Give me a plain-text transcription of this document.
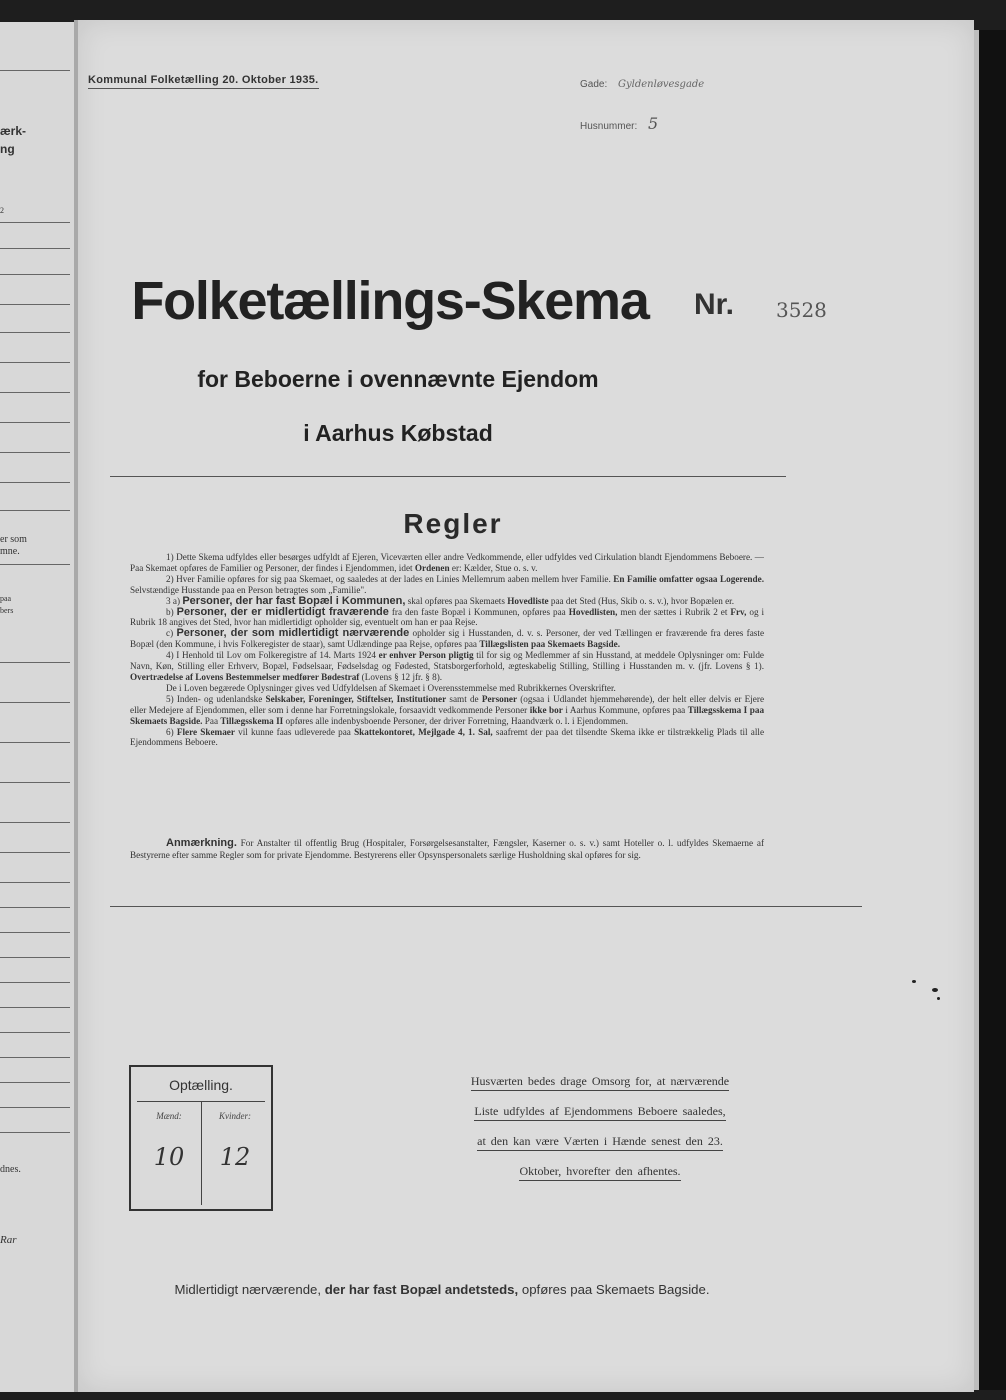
ærk-
ng
2
er som
mne.
paa
bers
dnes.
Rar
Kommunal Folketælling 20. Oktober 1935.	Gade: Gyldenløvesgade
Husnummer: 5
Folketællings-Skema	Nr. 3528
for Beboerne i ovennævnte Ejendom
i Aarhus Købstad
Regler

1) Dette Skema udfyldes eller besørges udfyldt af Ejeren, Viceværten eller andre Vedkommende, eller udfyldes ved Cirkulation blandt Ejendommens Beboere. — Paa Skemaet opføres de Familier og Personer, der findes i Ejendommen, idet Ordenen er: Kælder, Stue o. s. v.

2) Hver Familie opføres for sig paa Skemaet, og saaledes at der lades en Linies Mellemrum aaben mellem hver Familie. En Familie omfatter ogsaa Logerende. Selvstændige Husstande paa en Person betragtes som „Familie".

3 a) Personer, der har fast Bopæl i Kommunen, skal opføres paa Skemaets Hovedliste paa det Sted (Hus, Skib o. s. v.), hvor Bopælen er.

b) Personer, der er midlertidigt fraværende fra den faste Bopæl i Kommunen, opføres paa Hovedlisten, men der sættes i Rubrik 2 et Frv, og i Rubrik 18 angives det Sted, hvor han midlertidigt opholder sig, eventuelt om han er paa Rejse.

c) Personer, der som midlertidigt nærværende opholder sig i Husstanden, d. v. s. Personer, der ved Tællingen er fraværende fra deres faste Bopæl (den Kommune, i hvis Folkeregister de staar), samt Udlændinge paa Rejse, opføres paa Tillægslisten paa Skemaets Bagside.

4) I Henhold til Lov om Folkeregistre af 14. Marts 1924 er enhver Person pligtig til for sig og Medlemmer af sin Husstand, at meddele Oplysninger om: Fulde Navn, Køn, Stilling eller Erhverv, Bopæl, Fødselsaar, Fødselsdag og Fødested, Statsborgerforhold, ægteskabelig Stilling, Stilling i Husstanden m. v. (jfr. Lovens § 1). Overtrædelse af Lovens Bestemmelser medfører Bødestraf (Lovens § 12 jfr. § 8).

De i Loven begærede Oplysninger gives ved Udfyldelsen af Skemaet i Overensstemmelse med Rubrikkernes Overskrifter.

5) Inden- og udenlandske Selskaber, Foreninger, Stiftelser, Institutioner samt de Personer (ogsaa i Udlandet hjemmehørende), der helt eller delvis er Ejere eller Medejere af Ejendommen, eller som i denne har Forretningslokale, forsaavidt vedkommende Personer ikke bor i Aarhus Kommune, opføres paa Tillægsskema I paa Skemaets Bagside. Paa Tillægsskema II opføres alle indenbysboende Personer, der driver Forretning, Haandværk o. l. i Ejendommen.

6) Flere Skemaer vil kunne faas udleverede paa Skattekontoret, Mejlgade 4, 1. Sal, saafremt der paa det tilsendte Skema ikke er tilstrækkelig Plads til alle Ejendommens Beboere.

Anmærkning. For Anstalter til offentlig Brug (Hospitaler, Forsørgelsesanstalter, Fængsler, Kaserner o. s. v.) samt Hoteller o. l. udfyldes Skemaerne af Bestyrerne efter samme Regler som for private Ejendomme. Bestyrerens eller Opsynspersonalets særlige Husholdning skal opføres for sig.
Optælling.
Mænd:	Kvinder:
10	12
Husværten bedes drage Omsorg for, at nærværende
Liste udfyldes af Ejendommens Beboere saaledes,
at den kan være Værten i Hænde senest den 23.
Oktober, hvorefter den afhentes.
Midlertidigt nærværende, der har fast Bopæl andetsteds, opføres paa Skemaets Bagside.
